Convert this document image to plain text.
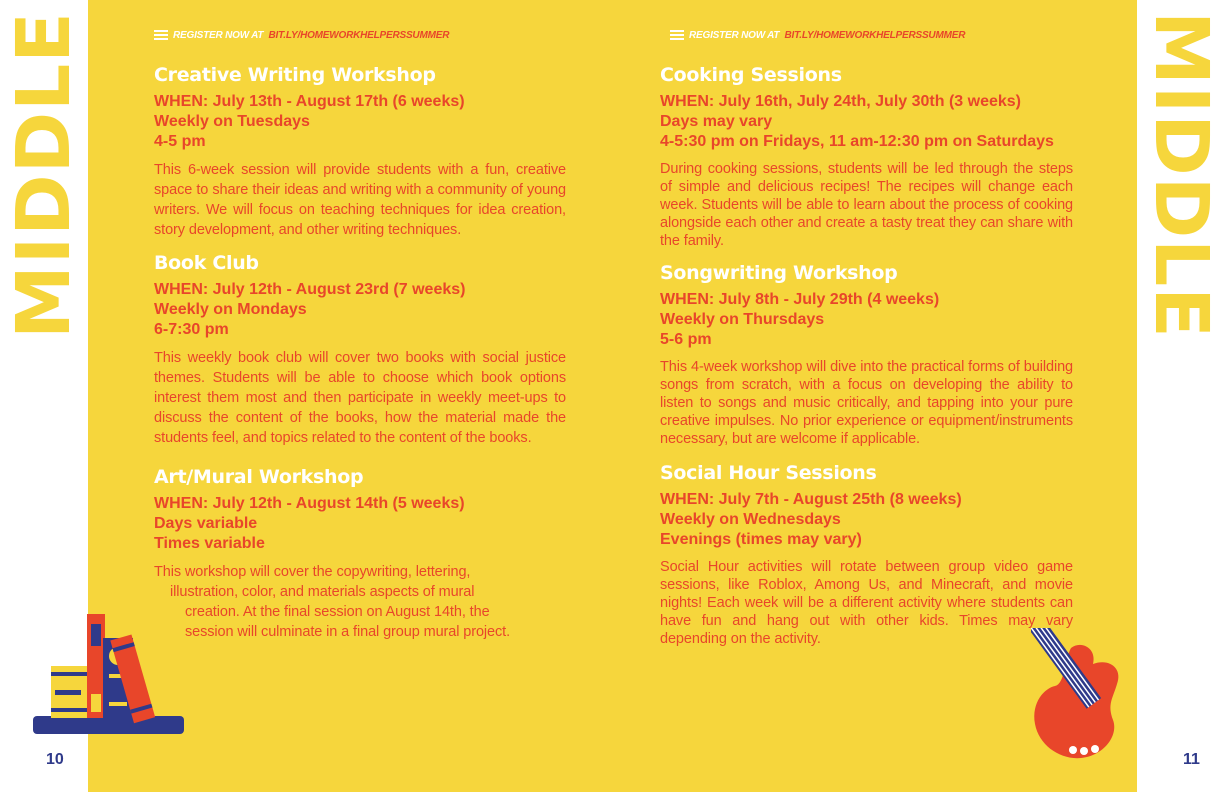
MIDDLE	MIDDLE
10	11
REGISTER NOW AT BIT.LY/HOMEWORKHELPERSSUMMER	REGISTER NOW AT BIT.LY/HOMEWORKHELPERSSUMMER
Creative Writing Workshop
WHEN: July 13th - August 17th (6 weeks)
Weekly on Tuesdays
4-5 pm

This 6-week session will provide students with a fun, creative space to share their ideas and writing with a community of young writers. We will focus on teaching techniques for idea creation, story development, and other writing techniques.

Book Club
WHEN: July 12th - August 23rd (7 weeks)
Weekly on Mondays
6-7:30 pm

This weekly book club will cover two books with social justice themes. Students will be able to choose which book options interest them most and then participate in weekly meet-ups to discuss the content of the books, how the material made the students feel, and topics related to the content of the books.

Art/Mural Workshop
WHEN: July 12th - August 14th (5 weeks)
Days variable
Times variable

This workshop will cover the copywriting, lettering,
illustration, color, and materials aspects of mural
creation. At the final session on August 14th, the
session will culminate in a final group mural project.

Cooking Sessions
WHEN: July 16th, July 24th, July 30th (3 weeks)
Days may vary
4-5:30 pm on Fridays, 11 am-12:30 pm on Saturdays

During cooking sessions, students will be led through the steps of simple and delicious recipes! The recipes will change each week. Students will be able to learn about the process of cooking alongside each other and create a tasty treat they can share with the family.

Songwriting Workshop
WHEN: July 8th - July 29th (4 weeks)
Weekly on Thursdays
5-6 pm

This 4-week workshop will dive into the practical forms of building songs from scratch, with a focus on developing the ability to listen to songs and music critically, and tapping into your pure creative impulses. No prior experience or equipment/instruments necessary, but are welcome if applicable.

Social Hour Sessions
WHEN: July 7th - August 25th (8 weeks)
Weekly on Wednesdays
Evenings (times may vary)

Social Hour activities will rotate between group video game sessions, like Roblox, Among Us, and Minecraft, and movie nights! Each week will be a different activity where students can have fun and hang out with other kids. Times may vary depending on the activity.
